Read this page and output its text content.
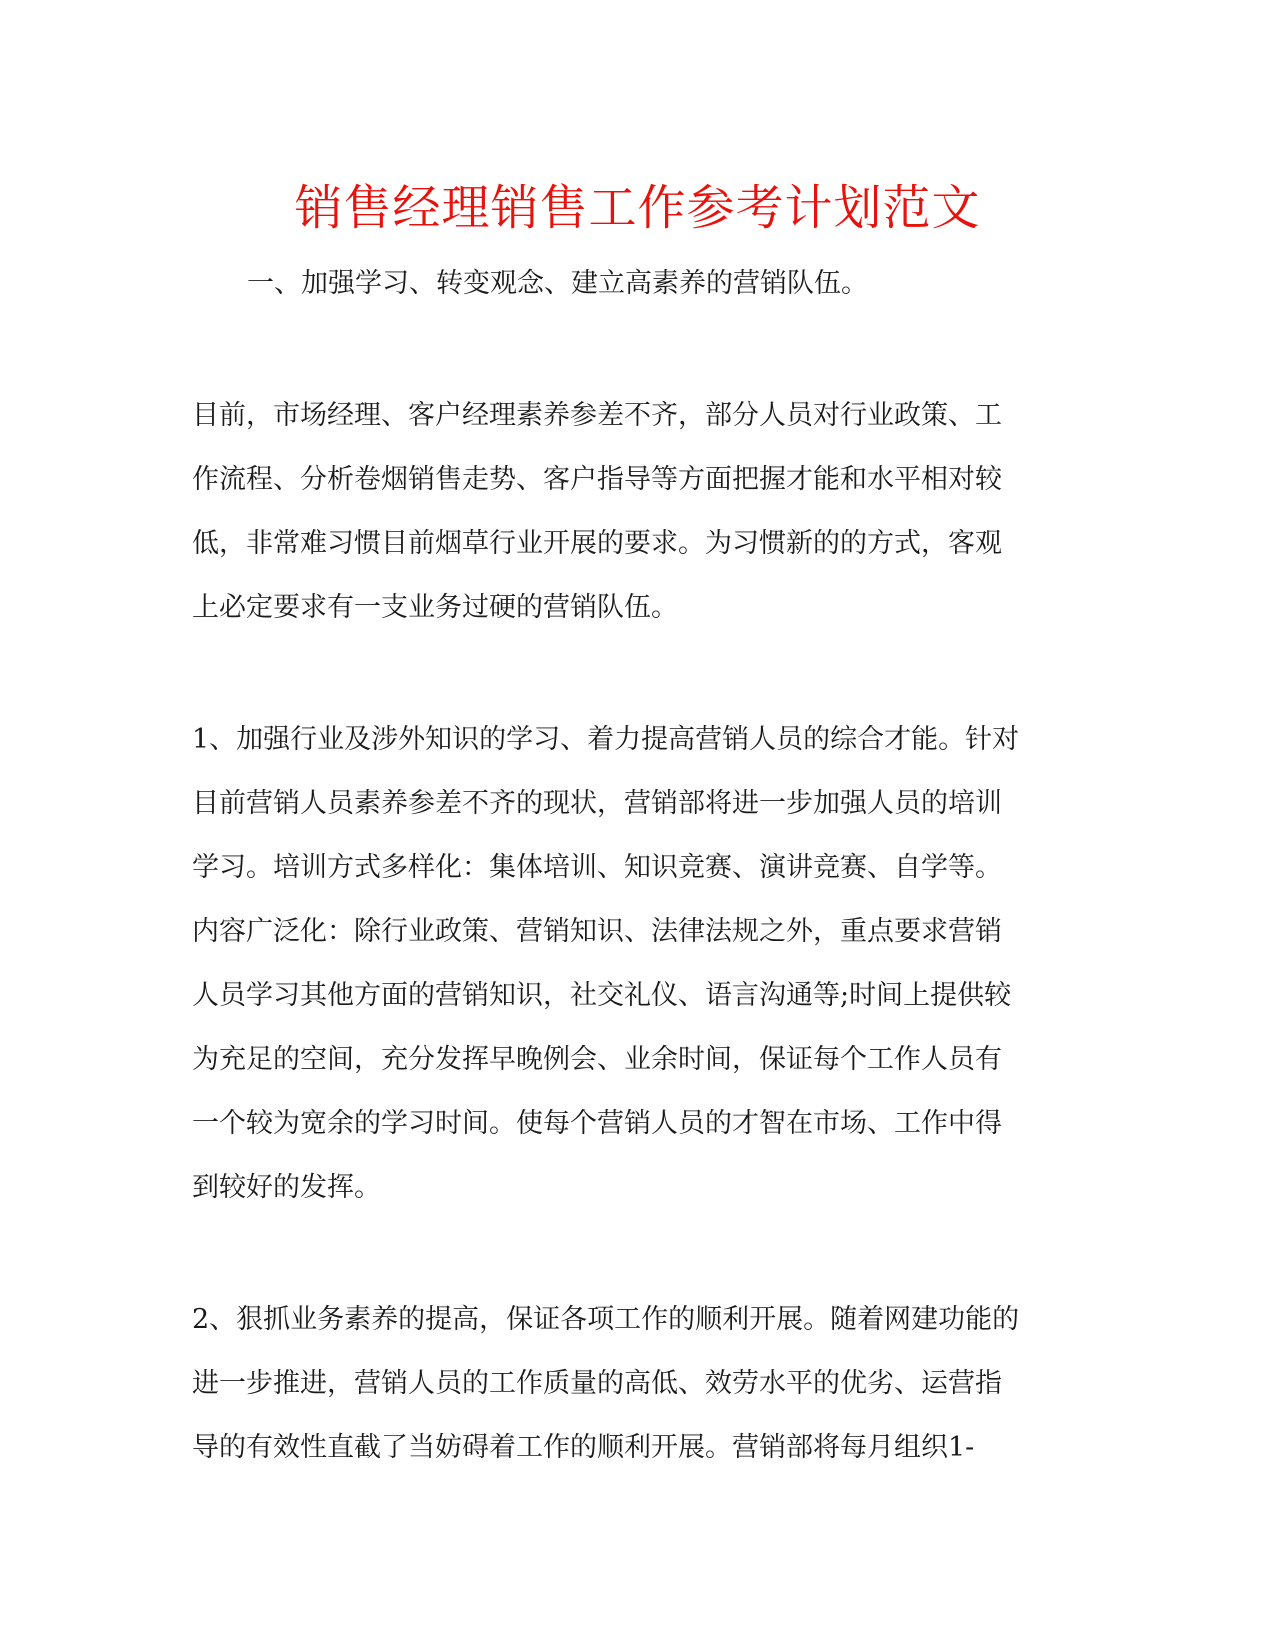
销售经理销售工作参考计划范文
一、加强学习、转变观念、建立高素养的营销队伍。
目前，市场经理、客户经理素养参差不齐，部分人员对行业政策、工
作流程、分析卷烟销售走势、客户指导等方面把握才能和水平相对较
低，非常难习惯目前烟草行业开展的要求。为习惯新的的方式，客观
上必定要求有一支业务过硬的营销队伍。
1、加强行业及涉外知识的学习、着力提高营销人员的综合才能。针对
目前营销人员素养参差不齐的现状，营销部将进一步加强人员的培训
学习。培训方式多样化：集体培训、知识竞赛、演讲竞赛、自学等。
内容广泛化：除行业政策、营销知识、法律法规之外，重点要求营销
人员学习其他方面的营销知识，社交礼仪、语言沟通等;时间上提供较
为充足的空间，充分发挥早晚例会、业余时间，保证每个工作人员有
一个较为宽余的学习时间。使每个营销人员的才智在市场、工作中得
到较好的发挥。
2、狠抓业务素养的提高，保证各项工作的顺利开展。随着网建功能的
进一步推进，营销人员的工作质量的高低、效劳水平的优劣、运营指
导的有效性直截了当妨碍着工作的顺利开展。营销部将每月组织1-
